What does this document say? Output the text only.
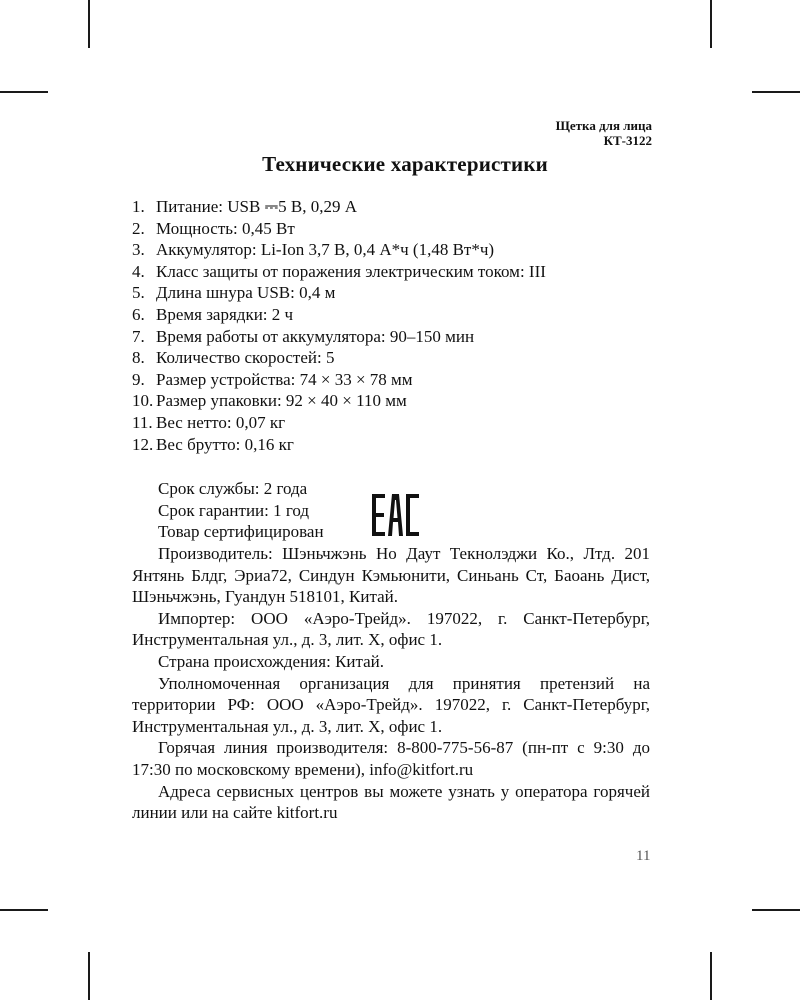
Щетка для лица
КТ-3122
Технические характеристики
1. Питание: USB ⎓5 В, 0,29 А
2. Мощность: 0,45 Вт
3. Аккумулятор: Li-Ion 3,7 В, 0,4 А*ч (1,48 Вт*ч)
4. Класс защиты от поражения электрическим током: III
5. Длина шнура USB: 0,4 м
6. Время зарядки: 2 ч
7. Время работы от аккумулятора: 90–150 мин
8. Количество скоростей: 5
9. Размер устройства: 74 × 33 × 78 мм
10. Размер упаковки: 92 × 40 × 110 мм
11. Вес нетто: 0,07 кг
12. Вес брутто: 0,16 кг
Срок службы: 2 года
Срок гарантии: 1 год
Товар сертифицирован

Производитель: Шэньчжэнь Но Даут Текнолэджи Ко., Лтд. 201 Янтянь Блдг, Эриа72, Синдун Кэмьюнити, Синьань Ст, Баоань Дист, Шэньчжэнь, Гуандун 518101, Китай.

Импортер: ООО «Аэро-Трейд». 197022, г. Санкт-Петербург, Инструментальная ул., д. 3, лит. Х, офис 1.

Страна происхождения: Китай.

Уполномоченная организация для принятия претензий на территории РФ: ООО «Аэро-Трейд». 197022, г. Санкт-Петербург, Инструментальная ул., д. 3, лит. Х, офис 1.

Горячая линия производителя: 8-800-775-56-87 (пн-пт с 9:30 до 17:30 по московскому времени), info@kitfort.ru

Адреса сервисных центров вы можете узнать у оператора горячей линии или на сайте kitfort.ru

11
